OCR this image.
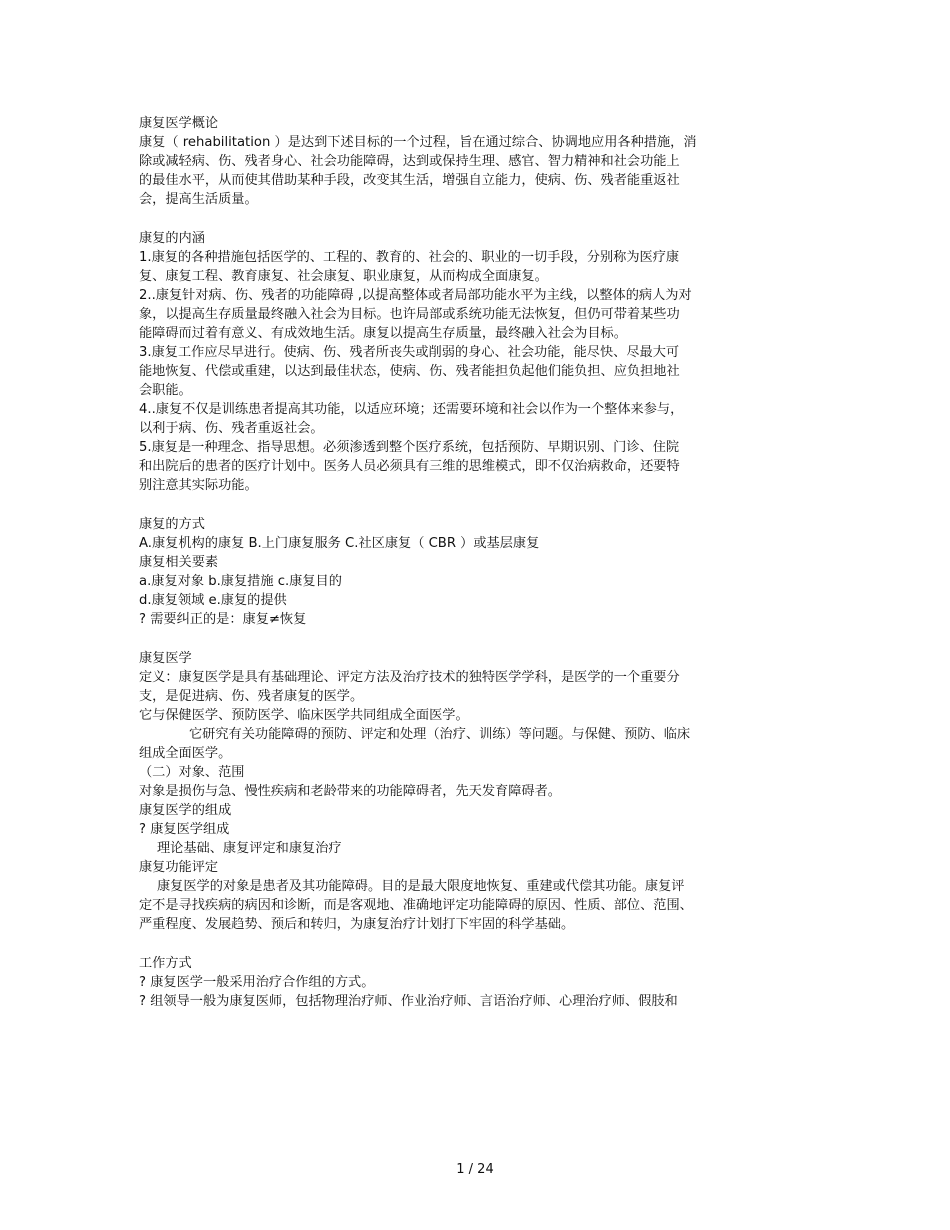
康复医学概论
康复（ rehabilitation ）是达到下述目标的一个过程，旨在通过综合、协调地应用各种措施，消
除或减轻病、伤、残者身心、社会功能障碍，达到或保持生理、感官、智力精神和社会功能上
的最佳水平，从而使其借助某种手段，改变其生活，增强自立能力，使病、伤、残者能重返社
会，提高生活质量。
康复的内涵
1.康复的各种措施包括医学的、工程的、教育的、社会的、职业的一切手段，分别称为医疗康
复、康复工程、教育康复、社会康复、职业康复，从而构成全面康复。
2..康复针对病、伤、残者的功能障碍 ,以提高整体或者局部功能水平为主线，以整体的病人为对
象，以提高生存质量最终融入社会为目标。也许局部或系统功能无法恢复，但仍可带着某些功
能障碍而过着有意义、有成效地生活。康复以提高生存质量，最终融入社会为目标。
3.康复工作应尽早进行。使病、伤、残者所丧失或削弱的身心、社会功能，能尽快、尽最大可
能地恢复、代偿或重建，以达到最佳状态，使病、伤、残者能担负起他们能负担、应负担地社
会职能。
4..康复不仅是训练患者提高其功能，以适应环境；还需要环境和社会以作为一个整体来参与，
以利于病、伤、残者重返社会。
5.康复是一种理念、指导思想。必须渗透到整个医疗系统，包括预防、早期识别、门诊、住院
和出院后的患者的医疗计划中。医务人员必须具有三维的思维模式，即不仅治病救命，还要特
别注意其实际功能。
康复的方式
A.康复机构的康复 B.上门康复服务 C.社区康复（ CBR ）或基层康复
康复相关要素
a.康复对象 b.康复措施 c.康复目的
d.康复领域 e.康复的提供
? 需要纠正的是：康复≠恢复
康复医学
定义：康复医学是具有基础理论、评定方法及治疗技术的独特医学学科，是医学的一个重要分
支，是促进病、伤、残者康复的医学。
它与保健医学、预防医学、临床医学共同组成全面医学。
它研究有关功能障碍的预防、评定和处理（治疗、训练）等问题。与保健、预防、临床
组成全面医学。
（二）对象、范围
对象是损伤与急、慢性疾病和老龄带来的功能障碍者，先天发育障碍者。
康复医学的组成
? 康复医学组成
理论基础、康复评定和康复治疗
康复功能评定
康复医学的对象是患者及其功能障碍。目的是最大限度地恢复、重建或代偿其功能。康复评
定不是寻找疾病的病因和诊断，而是客观地、准确地评定功能障碍的原因、性质、部位、范围、
严重程度、发展趋势、预后和转归，为康复治疗计划打下牢固的科学基础。
工作方式
? 康复医学一般采用治疗合作组的方式。
? 组领导一般为康复医师，包括物理治疗师、作业治疗师、言语治疗师、心理治疗师、假肢和
1 / 24
